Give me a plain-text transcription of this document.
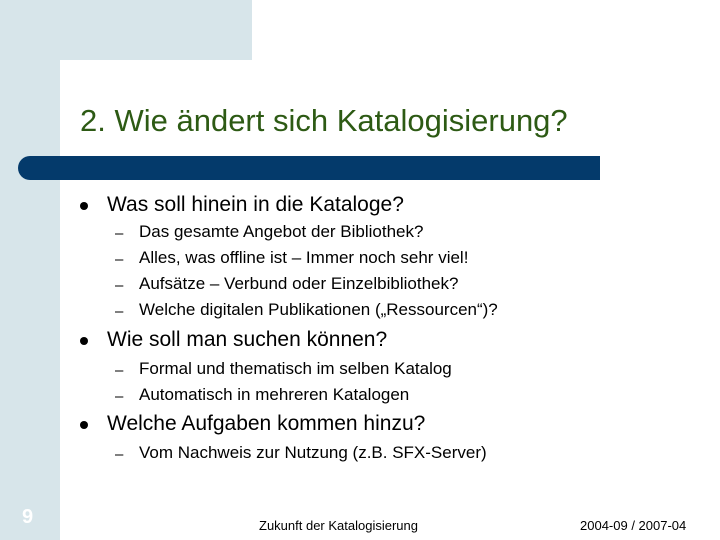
2. Wie ändert sich Katalogisierung?
Was soll hinein in die Kataloge?
– Das gesamte Angebot der Bibliothek?
– Alles, was offline ist – Immer noch sehr viel!
– Aufsätze – Verbund oder Einzelbibliothek?
– Welche digitalen Publikationen („Ressourcen“)?
Wie soll man suchen können?
– Formal und thematisch im selben Katalog
– Automatisch in mehreren Katalogen
Welche Aufgaben kommen hinzu?
– Vom Nachweis zur Nutzung (z.B. SFX-Server)
9	Zukunft der Katalogisierung	2004-09 / 2007-04
